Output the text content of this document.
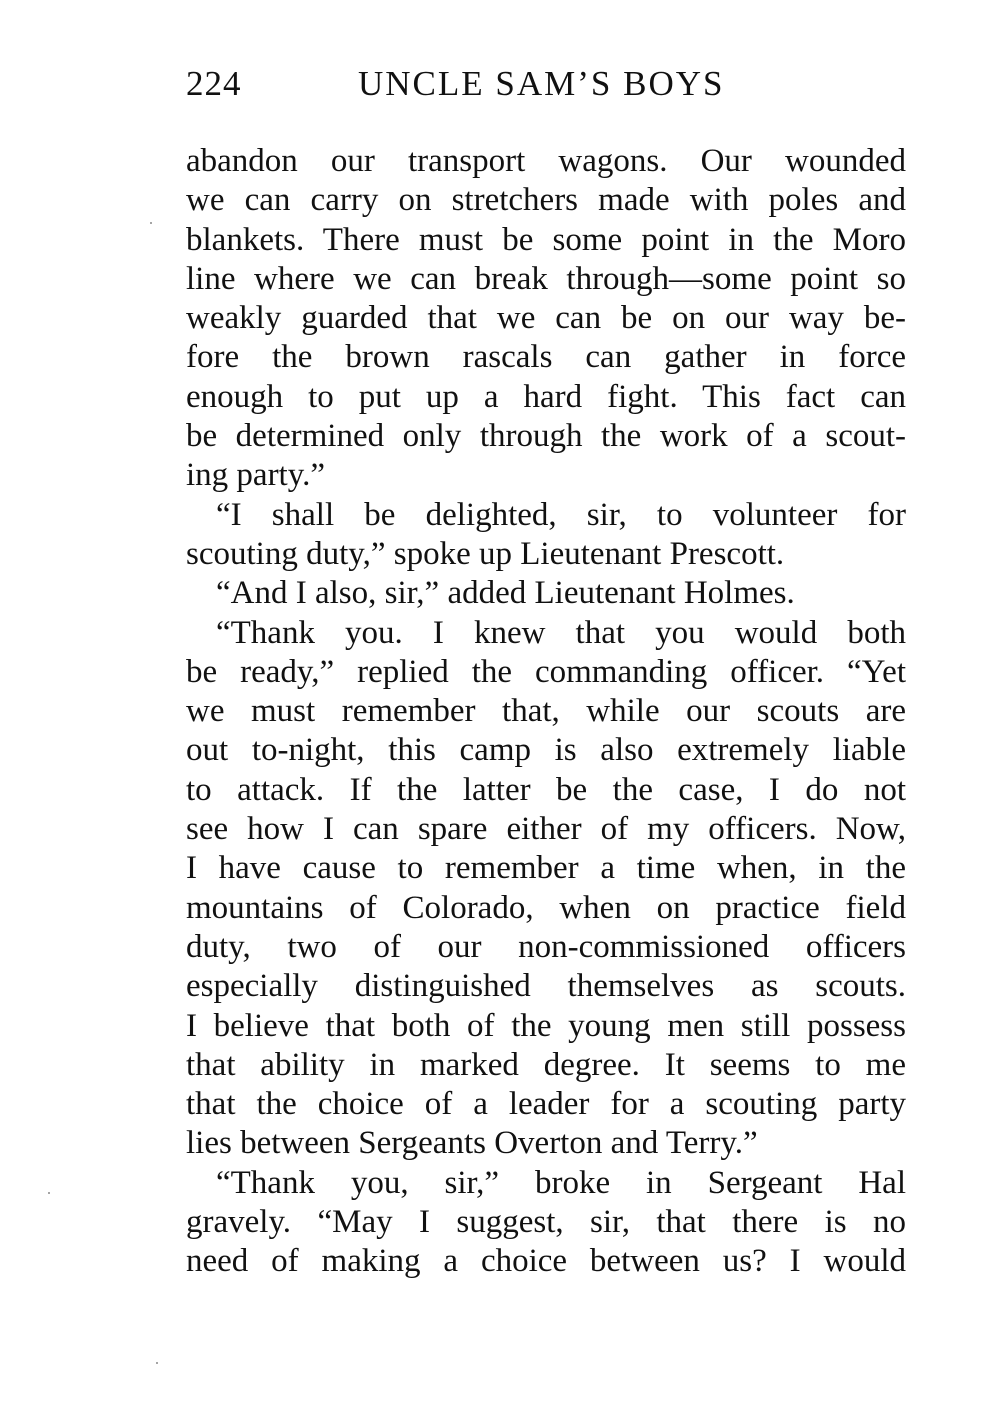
224	UNCLE SAM’S BOYS
abandon our transport wagons. Our wounded
we can carry on stretchers made with poles and
blankets. There must be some point in the Moro
line where we can break through—some point so
weakly guarded that we can be on our way be-
fore the brown rascals can gather in force
enough to put up a hard fight. This fact can
be determined only through the work of a scout-
ing party.”
“I shall be delighted, sir, to volunteer for
scouting duty,” spoke up Lieutenant Prescott.
“And I also, sir,” added Lieutenant Holmes.
“Thank you. I knew that you would both
be ready,” replied the commanding officer. “Yet
we must remember that, while our scouts are
out to-night, this camp is also extremely liable
to attack. If the latter be the case, I do not
see how I can spare either of my officers. Now,
I have cause to remember a time when, in the
mountains of Colorado, when on practice field
duty, two of our non-commissioned officers
especially distinguished themselves as scouts.
I believe that both of the young men still possess
that ability in marked degree. It seems to me
that the choice of a leader for a scouting party
lies between Sergeants Overton and Terry.”
“Thank you, sir,” broke in Sergeant Hal
gravely. “May I suggest, sir, that there is no
need of making a choice between us? I would
